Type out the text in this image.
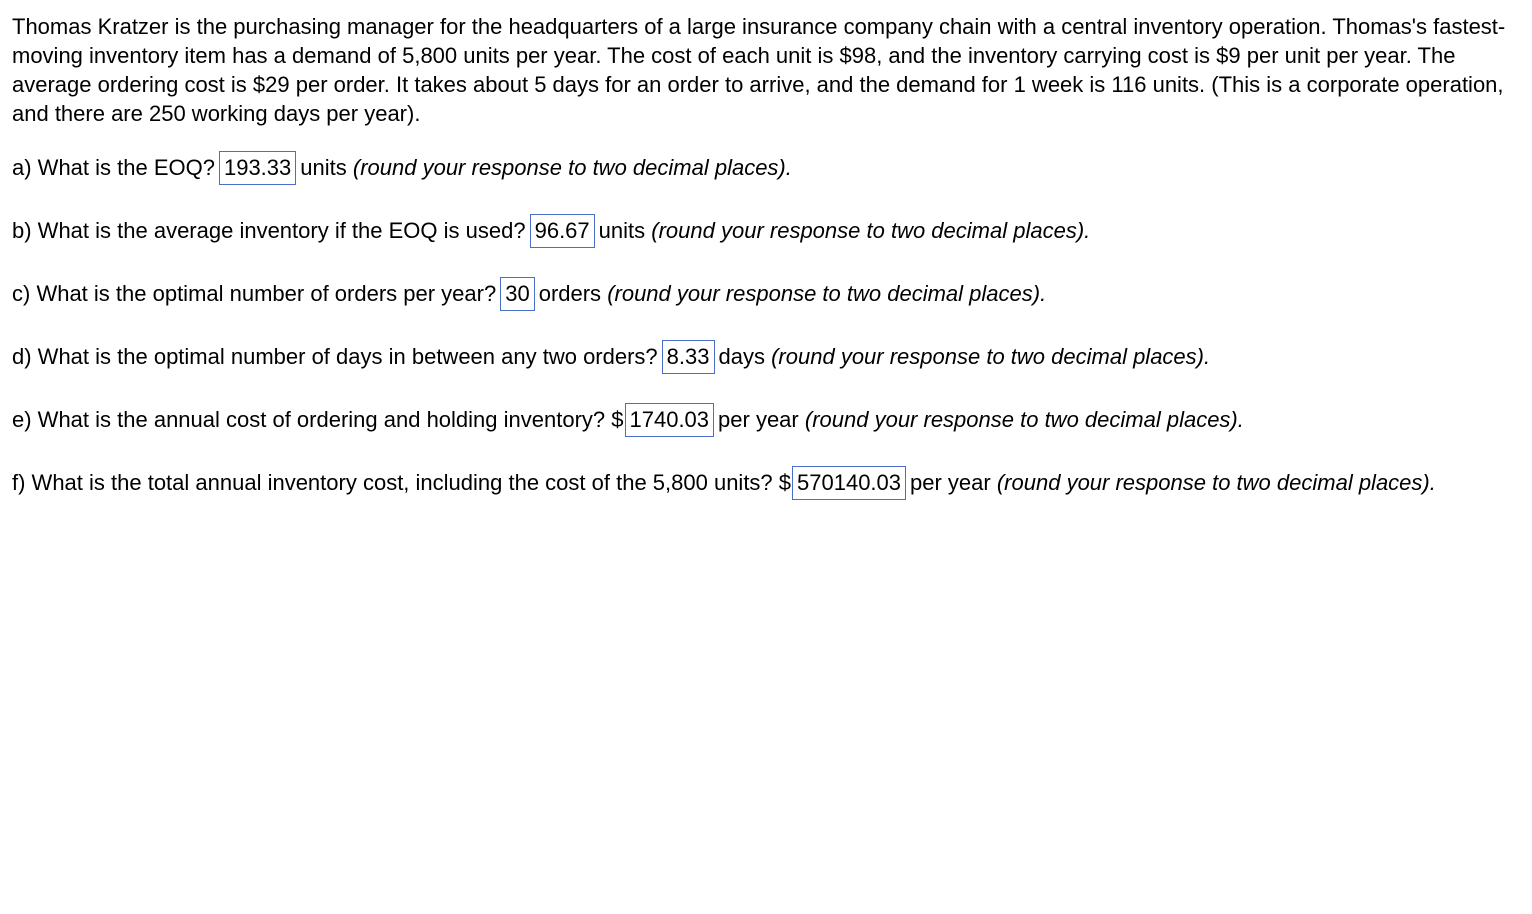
Thomas Kratzer is the purchasing manager for the headquarters of a large insurance company chain with a central inventory operation. Thomas's fastest-moving inventory item has a demand of 5,800 units per year. The cost of each unit is $98, and the inventory carrying cost is $9 per unit per year. The average ordering cost is $29 per order. It takes about 5 days for an order to arrive, and the demand for 1 week is 116 units. (This is a corporate operation, and there are 250 working days per year).

a) What is the EOQ? 193.33 units (round your response to two decimal places).

b) What is the average inventory if the EOQ is used? 96.67 units (round your response to two decimal places).

c) What is the optimal number of orders per year? 30 orders (round your response to two decimal places).

d) What is the optimal number of days in between any two orders? 8.33 days (round your response to two decimal places).

e) What is the annual cost of ordering and holding inventory? $ 1740.03 per year (round your response to two decimal places).

f) What is the total annual inventory cost, including the cost of the 5,800 units? $ 570140.03 per year (round your response to two decimal places).
